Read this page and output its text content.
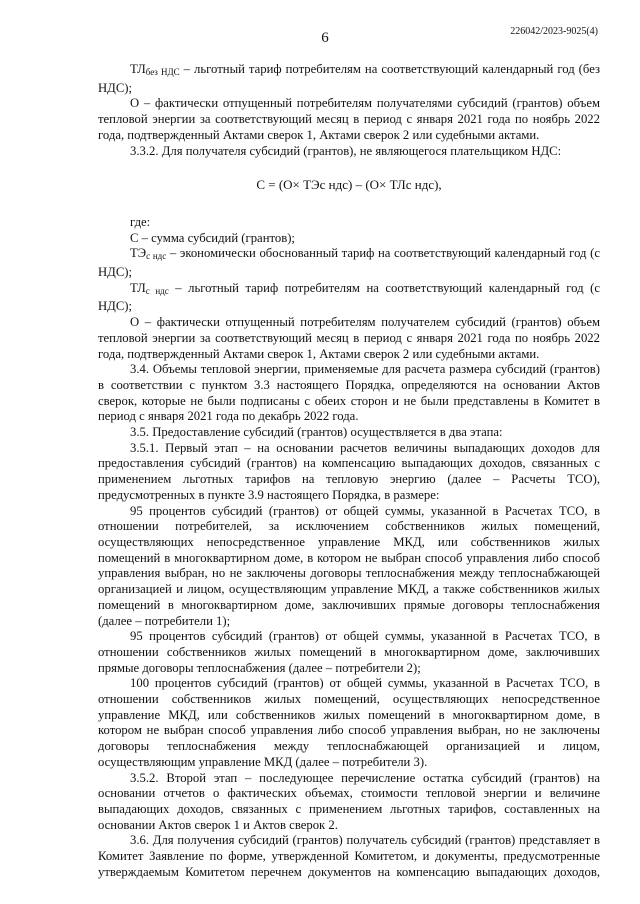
6	226042/2023-9025(4)

$ТЛ_{без НДС}$ – льготный тариф потребителям на соответствующий календарный год (без НДС);

О – фактически отпущенный потребителям получателями субсидий (грантов) объем тепловой энергии за соответствующий месяц в период с января 2021 года по ноябрь 2022 года, подтвержденный Актами сверок 1, Актами сверок 2 или судебными актами.

3.3.2. Для получателя субсидий (грантов), не являющегося плательщиком НДС:

С = (О× ТЭс ндс) – (О× ТЛс ндс),

где:

С – сумма субсидий (грантов);

$ТЭ_{с ндс}$ – экономически обоснованный тариф на соответствующий календарный год (с НДС);

$ТЛ_{с ндс}$ – льготный тариф потребителям на соответствующий календарный год (с НДС);

О – фактически отпущенный потребителям получателем субсидий (грантов) объем тепловой энергии за соответствующий месяц в период с января 2021 года по ноябрь 2022 года, подтвержденный Актами сверок 1, Актами сверок 2 или судебными актами.

3.4. Объемы тепловой энергии, применяемые для расчета размера субсидий (грантов) в соответствии с пунктом 3.3 настоящего Порядка, определяются на основании Актов сверок, которые не были подписаны с обеих сторон и не были представлены в Комитет в период с января 2021 года по декабрь 2022 года.

3.5. Предоставление субсидий (грантов) осуществляется в два этапа:

3.5.1. Первый этап – на основании расчетов величины выпадающих доходов для предоставления субсидий (грантов) на компенсацию выпадающих доходов, связанных с применением льготных тарифов на тепловую энергию (далее – Расчеты ТСО), предусмотренных в пункте 3.9 настоящего Порядка, в размере:

95 процентов субсидий (грантов) от общей суммы, указанной в Расчетах ТСО, в отношении потребителей, за исключением собственников жилых помещений, осуществляющих непосредственное управление МКД, или собственников жилых помещений в многоквартирном доме, в котором не выбран способ управления либо способ управления выбран, но не заключены договоры теплоснабжения между теплоснабжающей организацией и лицом, осуществляющим управление МКД, а также собственников жилых помещений в многоквартирном доме, заключивших прямые договоры теплоснабжения (далее – потребители 1);

95 процентов субсидий (грантов) от общей суммы, указанной в Расчетах ТСО, в отношении собственников жилых помещений в многоквартирном доме, заключивших прямые договоры теплоснабжения (далее – потребители 2);

100 процентов субсидий (грантов) от общей суммы, указанной в Расчетах ТСО, в отношении собственников жилых помещений, осуществляющих непосредственное управление МКД, или собственников жилых помещений в многоквартирном доме, в котором не выбран способ управления либо способ управления выбран, но не заключены договоры теплоснабжения между теплоснабжающей организацией и лицом, осуществляющим управление МКД (далее – потребители 3).

3.5.2. Второй этап – последующее перечисление остатка субсидий (грантов) на основании отчетов о фактических объемах, стоимости тепловой энергии и величине выпадающих доходов, связанных с применением льготных тарифов, составленных на основании Актов сверок 1 и Актов сверок 2.

3.6. Для получения субсидий (грантов) получатель субсидий (грантов) представляет в Комитет Заявление по форме, утвержденной Комитетом, и документы, предусмотренные утверждаемым Комитетом перечнем документов на компенсацию выпадающих доходов,
